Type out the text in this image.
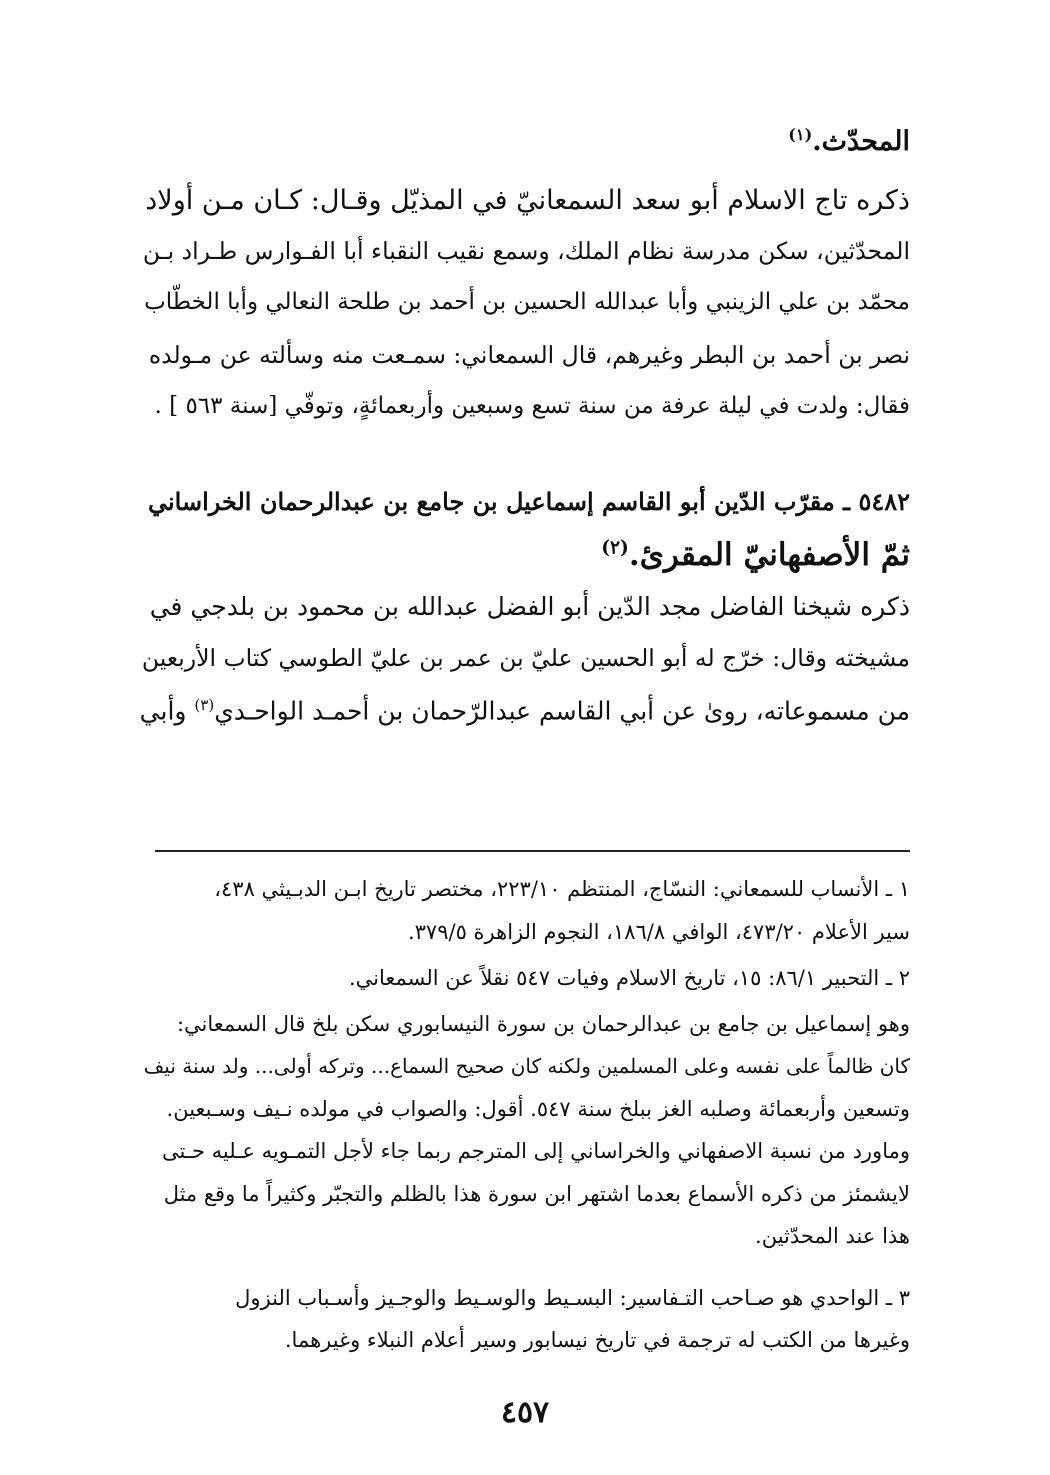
المحدّث.$^{(١)}$
ذكره تاج الاسلام أبو سعد السمعانيّ في المذيّل وقـال: كـان مـن أولاد
المحدّثين، سكن مدرسة نظام الملك، وسمع نقيب النقباء أبا الفـوارس طـراد بـن
محمّد بن علي الزينبي وأبا عبدالله الحسين بن أحمد بن طلحة النعالي وأبا الخطّاب
نصر بن أحمد بن البطر وغيرهم، قال السمعاني: سمـعت منه وسألته عن مـولده
فقال: ولدت في ليلة عرفة من سنة تسع وسبعين وأربعمائةٍ، وتوفّي [سنة ٥٦٣ ] .
٥٤٨٢ ـ مقرّب الدّين أبو القاسم إسماعيل بن جامع بن عبدالرحمان الخراساني
ثمّ الأصفهانيّ المقرئ.$^{(٢)}$
ذكره شيخنا الفاضل مجد الدّين أبو الفضل عبدالله بن محمود بن بلدجي في
مشيخته وقال: خرّج له أبو الحسين عليّ بن عمر بن عليّ الطوسي كتاب الأربعين
من مسموعاته، روىٰ عن أبي القاسم عبدالرّحمان بن أحمـد الواحـدي$^{(٣)}$ وأبي
١ ـ الأنساب للسمعاني: النسّاج، المنتظم ٢٢٣/١٠، مختصر تاريخ ابـن الدبـيثي ٤٣٨،
سير الأعلام ٤٧٣/٢٠، الوافي ١٨٦/٨، النجوم الزاهرة ٣٧٩/٥.
٢ ـ التحبير ٨٦/١: ١٥، تاريخ الاسلام وفيات ٥٤٧ نقلاً عن السمعاني.
وهو إسماعيل بن جامع بن عبدالرحمان بن سورة النيسابوري سكن بلخ قال السمعاني:
كان ظالماً على نفسه وعلى المسلمين ولكنه كان صحيح السماع... وتركه أولى... ولد سنة نيف
وتسعين وأربعمائة وصلبه الغز ببلخ سنة ٥٤٧. أقول: والصواب في مولده نـيف وسـبعين.
وماورد من نسبة الاصفهاني والخراساني إلى المترجم ربما جاء لأجل التمـويه عـليه حـتى
لايشمئز من ذكره الأسماع بعدما اشتهر ابن سورة هذا بالظلم والتجبّر وكثيراً ما وقع مثل
هذا عند المحدّثين.
٣ ـ الواحدي هو صـاحب التـفاسير: البسـيط والوسـيط والوجـيز وأسـباب النزول
وغيرها من الكتب له ترجمة في تاريخ نيسابور وسير أعلام النبلاء وغيرهما.
٤٥٧
